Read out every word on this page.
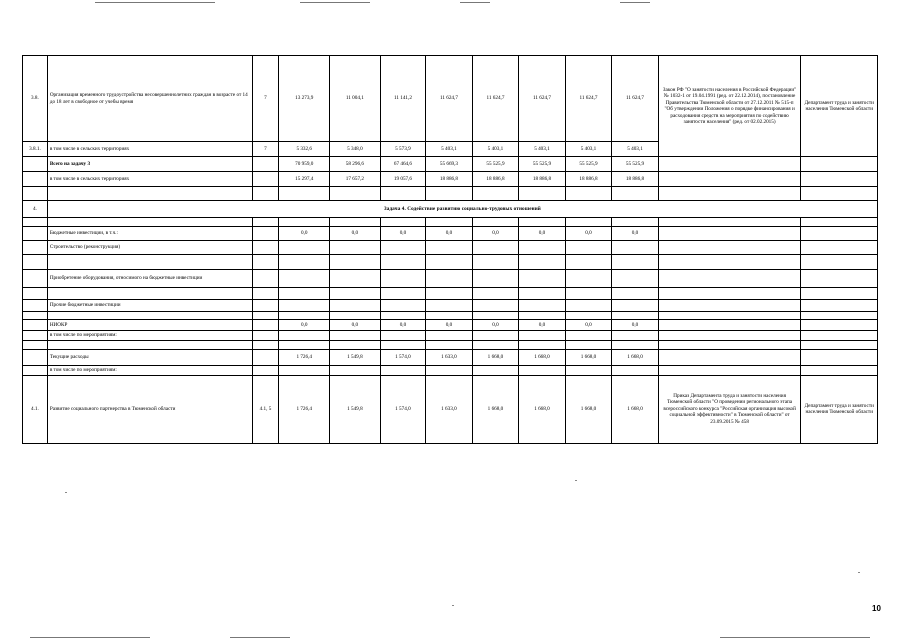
3.8.	Организация временного трудоустройства несовершеннолетних граждан в возрасте от 14 до 18 лет в свободное от учебы время	7	13 273,9	11 004,1	11 141,2	11 624,7	11 624,7	11 624,7	11 624,7	11 624,7	Закон РФ "О занятости населения в Российской Федерации" № 1032-1 от 19.04.1991 (ред. от 22.12.2014), постановление Правительства Тюменской области от 27.12.2011 № 515-п "Об утверждении Положения о порядке финансирования и расходования средств на мероприятия по содействию занятости населения" (ред. от 02.02.2015)	Департамент труда и занятости населения Тюменской области
3.8.1.	в том числе в сельских территориях	7	5 332,6	5 348,0	5 573,9	5 403,1	5 403,1	5 403,1	5 403,1	5 403,1		
	Всего на задачу 3		70 959,0	58 296,6	67 464,6	55 669,3	55 525,9	55 525,9	55 525,9	55 525,9		
	в том числе в сельских территориях		15 297,4	17 657,2	19 057,6	18 886,8	18 886,8	18 886,8	18 886,8	18 886,8		

4.	Задача 4. Содействие развитию социально-трудовых отношений											

	Бюджетные инвестиции, в т.ч.:		0,0	0,0	0,0	0,0	0,0	0,0	0,0	0,0		
	Строительство (реконструкция)											

	Приобретение оборудования, относимого на бюджетные инвестиции											

	Прочие бюджетные инвестиции											

	НИОКР		0,0	0,0	0,0	0,0	0,0	0,0	0,0	0,0		
	в том числе по мероприятиям:											

	Текущие расходы		1 726,4	1 549,8	1 574,0	1 633,0	1 668,0	1 668,0	1 668,0	1 668,0		
	в том числе по мероприятиям:											
4.1.	Развитие социального партнерства в Тюменской области	4.1, 5	1 726,4	1 549,8	1 574,0	1 633,0	1 668,0	1 668,0	1 668,0	1 668,0	Приказ Департамента труда и занятости населения Тюменской области "О проведении регионального этапа всероссийского конкурса "Российская организация высокой социальной эффективности" в Тюменской области" от 23.09.2015 № 458	Департамент труда и занятости населения Тюменской области
10
